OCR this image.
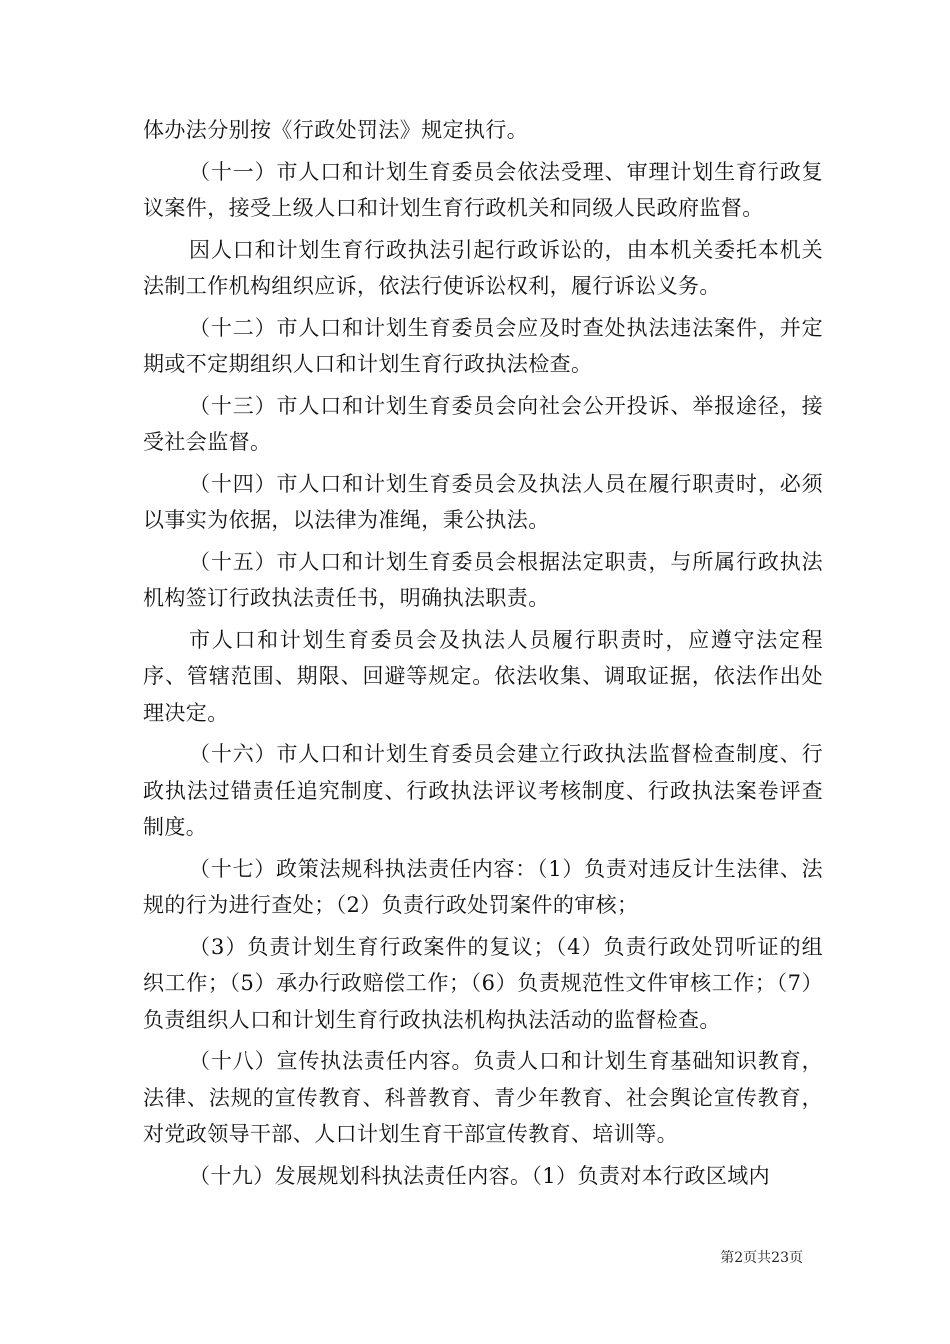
体办法分别按《行政处罚法》规定执行。

（十一）市人口和计划生育委员会依法受理、审理计划生育行政复议案件，接受上级人口和计划生育行政机关和同级人民政府监督。

因人口和计划生育行政执法引起行政诉讼的，由本机关委托本机关法制工作机构组织应诉，依法行使诉讼权利，履行诉讼义务。

（十二）市人口和计划生育委员会应及时查处执法违法案件，并定期或不定期组织人口和计划生育行政执法检查。

（十三）市人口和计划生育委员会向社会公开投诉、举报途径，接受社会监督。

（十四）市人口和计划生育委员会及执法人员在履行职责时，必须以事实为依据，以法律为准绳，秉公执法。

（十五）市人口和计划生育委员会根据法定职责，与所属行政执法机构签订行政执法责任书，明确执法职责。

市人口和计划生育委员会及执法人员履行职责时，应遵守法定程序、管辖范围、期限、回避等规定。依法收集、调取证据，依法作出处理决定。

（十六）市人口和计划生育委员会建立行政执法监督检查制度、行政执法过错责任追究制度、行政执法评议考核制度、行政执法案卷评查制度。

（十七）政策法规科执法责任内容：（1）负责对违反计生法律、法规的行为进行查处；（2）负责行政处罚案件的审核；

（3）负责计划生育行政案件的复议；（4）负责行政处罚听证的组织工作；（5）承办行政赔偿工作；（6）负责规范性文件审核工作；（7）负责组织人口和计划生育行政执法机构执法活动的监督检查。

（十八）宣传执法责任内容。负责人口和计划生育基础知识教育，法律、法规的宣传教育、科普教育、青少年教育、社会舆论宣传教育，对党政领导干部、人口计划生育干部宣传教育、培训等。

（十九）发展规划科执法责任内容。（1）负责对本行政区域内

第2页共23页
